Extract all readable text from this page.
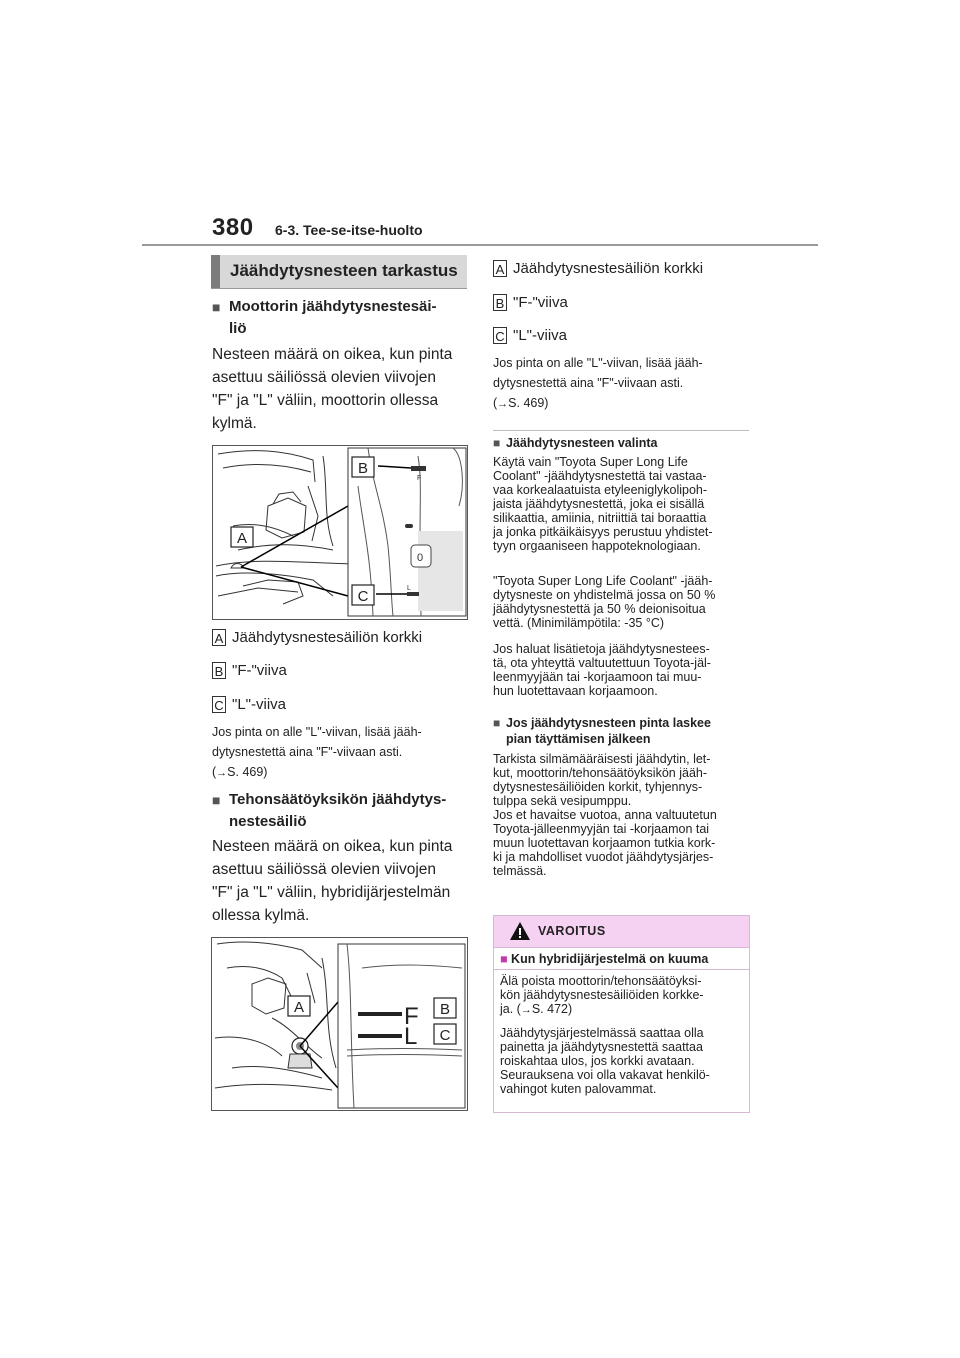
380 6-3. Tee-se-itse-huolto
Jäähdytysnesteen tarkastus
■ Moottorin jäähdytysnestesäi-
liö
Nesteen määrä on oikea, kun pinta
asettuu säiliössä olevien viivojen
"F" ja "L" väliin, moottorin ollessa
kylmä.
0
F
L
B
C
A
A Jäähdytysnestesäiliön korkki
B "F-"viiva
C "L"-viiva
Jos pinta on alle "L"-viivan, lisää jääh-
dytysnestettä aina "F"-viivaan asti.
(→S. 469)
■ Tehonsäätöyksikön jäähdytys-
nestesäiliö
Nesteen määrä on oikea, kun pinta
asettuu säiliössä olevien viivojen
"F" ja "L" väliin, hybridijärjestelmän
ollessa kylmä.
F
L
A	B
C
A Jäähdytysnestesäiliön korkki
B "F-"viiva
C "L"-viiva
Jos pinta on alle "L"-viivan, lisää jääh-
dytysnestettä aina "F"-viivaan asti.
(→S. 469)
■ Jäähdytysnesteen valinta
Käytä vain "Toyota Super Long Life
Coolant" -jäähdytysnestettä tai vastaa-
vaa korkealaatuista etyleeniglykolipoh-
jaista jäähdytysnestettä, joka ei sisällä
silikaattia, amiinia, nitriittiä tai boraattia
ja jonka pitkäikäisyys perustuu yhdistet-
tyyn orgaaniseen happoteknologiaan.
"Toyota Super Long Life Coolant" -jääh-
dytysneste on yhdistelmä jossa on 50 %
jäähdytysnestettä ja 50 % deionisoitua
vettä. (Minimilämpötila: -35 °C)
Jos haluat lisätietoja jäähdytysnestees-
tä, ota yhteyttä valtuutettuun Toyota-jäl-
leenmyyjään tai -korjaamoon tai muu-
hun luotettavaan korjaamoon.
■ Jos jäähdytysnesteen pinta laskee
pian täyttämisen jälkeen
Tarkista silmämääräisesti jäähdytin, let-
kut, moottorin/tehonsäätöyksikön jääh-
dytysnestesäiliöiden korkit, tyhjennys-
tulppa sekä vesipumppu.
Jos et havaitse vuotoa, anna valtuutetun
Toyota-jälleenmyyjän tai -korjaamon tai
muun luotettavan korjaamon tutkia kork-
ki ja mahdolliset vuodot jäähdytysjärjes-
telmässä.
VAROITUS
■ Kun hybridijärjestelmä on kuuma
Älä poista moottorin/tehonsäätöyksi-
kön jäähdytysnestesäiliöiden korkke-
ja. (→S. 472)
Jäähdytysjärjestelmässä saattaa olla
painetta ja jäähdytysnestettä saattaa
roiskahtaa ulos, jos korkki avataan.
Seurauksena voi olla vakavat henkilö-
vahingot kuten palovammat.
